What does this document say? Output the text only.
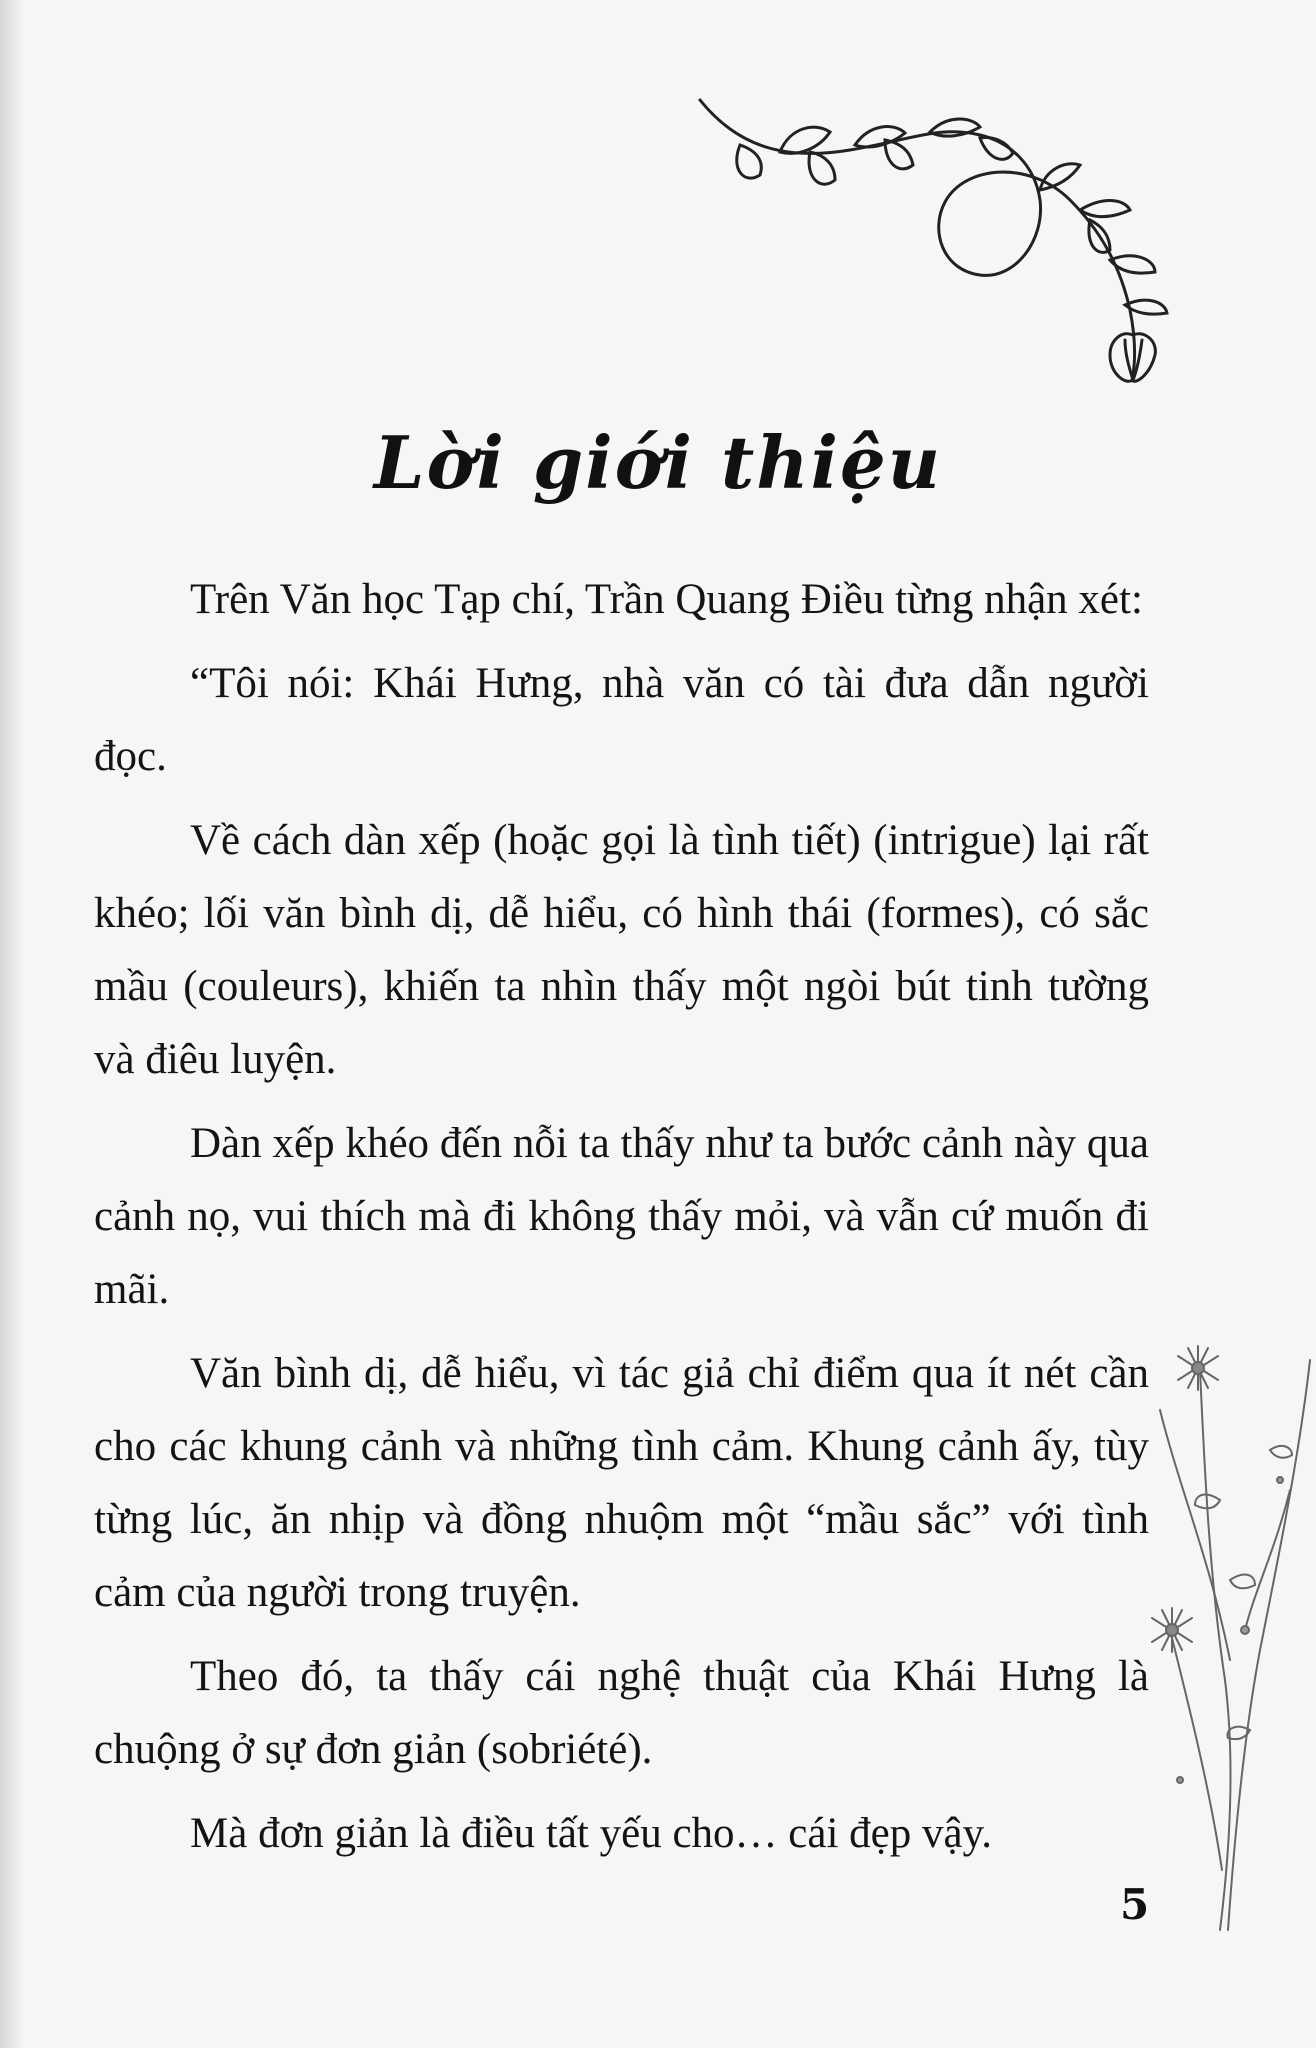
Lời giới thiệu

Trên Văn học Tạp chí, Trần Quang Điều từng nhận xét:

“Tôi nói: Khái Hưng, nhà văn có tài đưa dẫn người đọc.

Về cách dàn xếp (hoặc gọi là tình tiết) (intrigue) lại rất khéo; lối văn bình dị, dễ hiểu, có hình thái (formes), có sắc mầu (couleurs), khiến ta nhìn thấy một ngòi bút tinh tường và điêu luyện.

Dàn xếp khéo đến nỗi ta thấy như ta bước cảnh này qua cảnh nọ, vui thích mà đi không thấy mỏi, và vẫn cứ muốn đi mãi.

Văn bình dị, dễ hiểu, vì tác giả chỉ điểm qua ít nét cần cho các khung cảnh và những tình cảm. Khung cảnh ấy, tùy từng lúc, ăn nhịp và đồng nhuộm một “mầu sắc” với tình cảm của người trong truyện.

Theo đó, ta thấy cái nghệ thuật của Khái Hưng là chuộng ở sự đơn giản (sobriété).

Mà đơn giản là điều tất yếu cho… cái đẹp vậy.

5
